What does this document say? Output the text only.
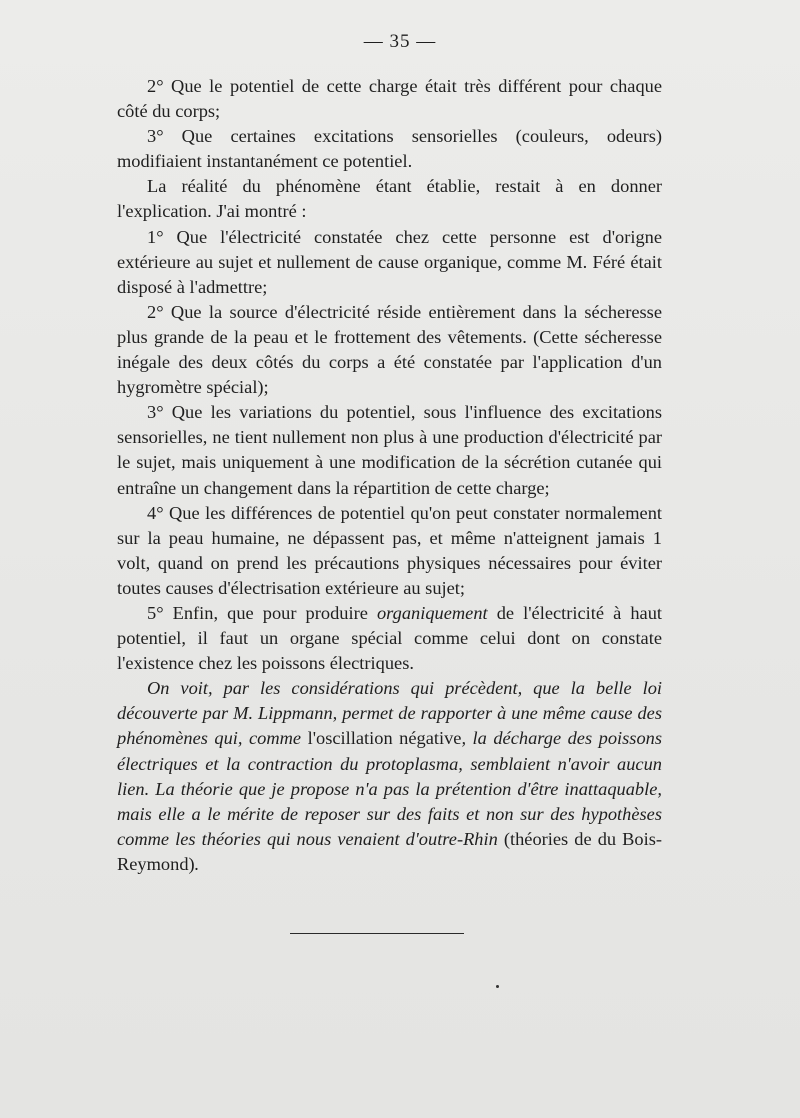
— 35 —

2° Que le potentiel de cette charge était très différent pour chaque côté du corps;

3° Que certaines excitations sensorielles (couleurs, odeurs) modifiaient instantanément ce potentiel.

La réalité du phénomène étant établie, restait à en donner l'explication. J'ai montré :

1° Que l'électricité constatée chez cette personne est d'origne extérieure au sujet et nullement de cause organique, comme M. Féré était disposé à l'admettre;

2° Que la source d'électricité réside entièrement dans la sécheresse plus grande de la peau et le frottement des vêtements. (Cette sécheresse inégale des deux côtés du corps a été constatée par l'application d'un hygromètre spécial);

3° Que les variations du potentiel, sous l'influence des excitations sensorielles, ne tient nullement non plus à une production d'électricité par le sujet, mais uniquement à une modification de la sécrétion cutanée qui entraîne un changement dans la répartition de cette charge;

4° Que les différences de potentiel qu'on peut constater normalement sur la peau humaine, ne dépassent pas, et même n'atteignent jamais 1 volt, quand on prend les précautions physiques nécessaires pour éviter toutes causes d'électrisation extérieure au sujet;

5° Enfin, que pour produire organiquement de l'électricité à haut potentiel, il faut un organe spécial comme celui dont on constate l'existence chez les poissons électriques.

On voit, par les considérations qui précèdent, que la belle loi découverte par M. Lippmann, permet de rapporter à une même cause des phénomènes qui, comme l'oscillation négative, la décharge des poissons électriques et la contraction du protoplasma, semblaient n'avoir aucun lien. La théorie que je propose n'a pas la prétention d'être inattaquable, mais elle a le mérite de reposer sur des faits et non sur des hypothèses comme les théories qui nous venaient d'outre-Rhin (théories de du Bois-Reymond).
